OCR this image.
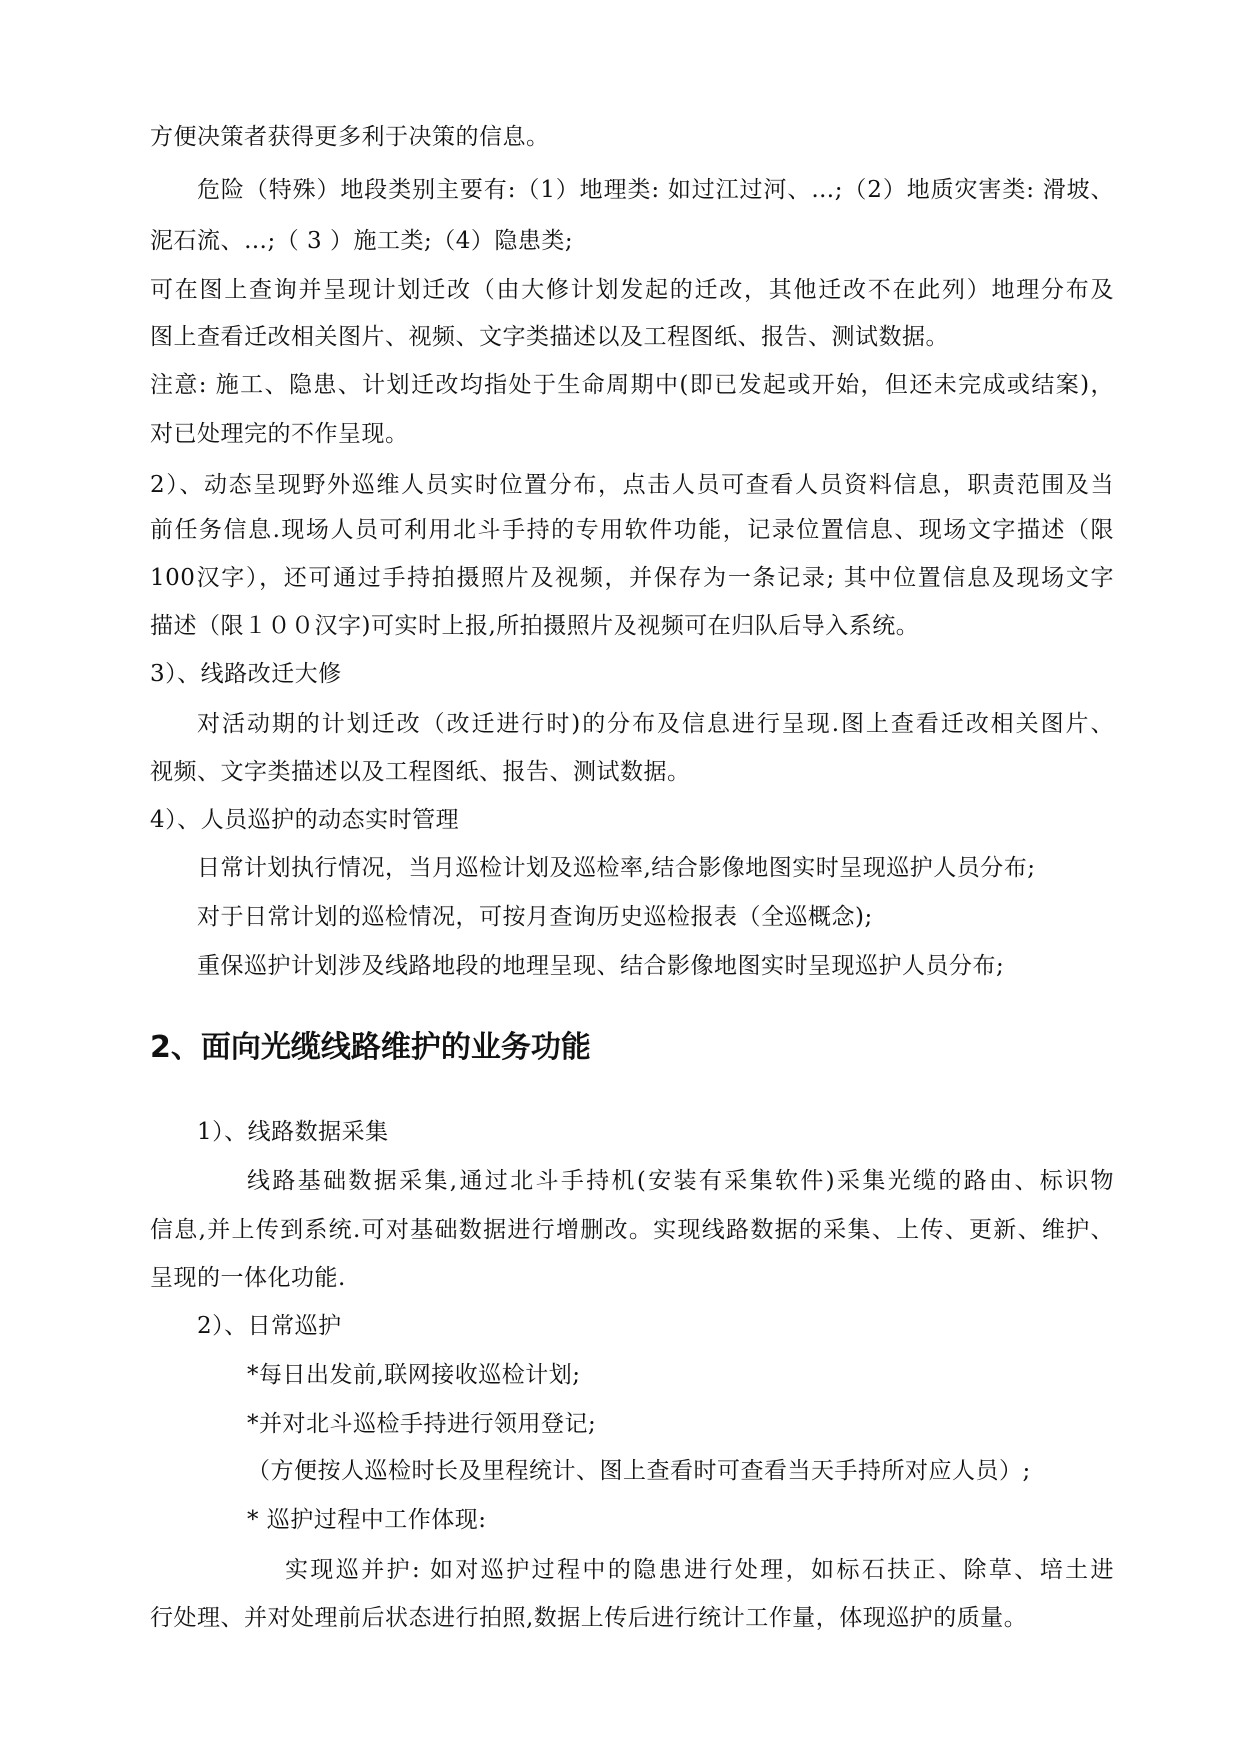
方便决策者获得更多利于决策的信息。
危险（特殊）地段类别主要有:（1）地理类: 如过江过河、…;（2）地质灾害类: 滑坡、
泥石流、…;（ 3 ）施工类;（4）隐患类;
可在图上查询并呈现计划迁改（由大修计划发起的迁改，其他迁改不在此列）地理分布及
图上查看迁改相关图片、视频、文字类描述以及工程图纸、报告、测试数据。
注意: 施工、隐患、计划迁改均指处于生命周期中(即已发起或开始，但还未完成或结案)，
对已处理完的不作呈现。
2）、动态呈现野外巡维人员实时位置分布，点击人员可查看人员资料信息，职责范围及当
前任务信息.现场人员可利用北斗手持的专用软件功能，记录位置信息、现场文字描述（限
100汉字），还可通过手持拍摄照片及视频，并保存为一条记录; 其中位置信息及现场文字
描述（限１００汉字)可实时上报,所拍摄照片及视频可在归队后导入系统。
3）、线路改迁大修
对活动期的计划迁改（改迁进行时)的分布及信息进行呈现.图上查看迁改相关图片、
视频、文字类描述以及工程图纸、报告、测试数据。
4）、人员巡护的动态实时管理
日常计划执行情况，当月巡检计划及巡检率,结合影像地图实时呈现巡护人员分布;
对于日常计划的巡检情况，可按月查询历史巡检报表（全巡概念);
重保巡护计划涉及线路地段的地理呈现、结合影像地图实时呈现巡护人员分布;
2、面向光缆线路维护的业务功能
1）、线路数据采集
线路基础数据采集,通过北斗手持机(安装有采集软件)采集光缆的路由、标识物
信息,并上传到系统.可对基础数据进行增删改。实现线路数据的采集、上传、更新、维护、
呈现的一体化功能.
2）、日常巡护
*每日出发前,联网接收巡检计划;
*并对北斗巡检手持进行领用登记;
（方便按人巡检时长及里程统计、图上查看时可查看当天手持所对应人员）;
* 巡护过程中工作体现:
实现巡并护: 如对巡护过程中的隐患进行处理，如标石扶正、除草、培土进
行处理、并对处理前后状态进行拍照,数据上传后进行统计工作量，体现巡护的质量。
